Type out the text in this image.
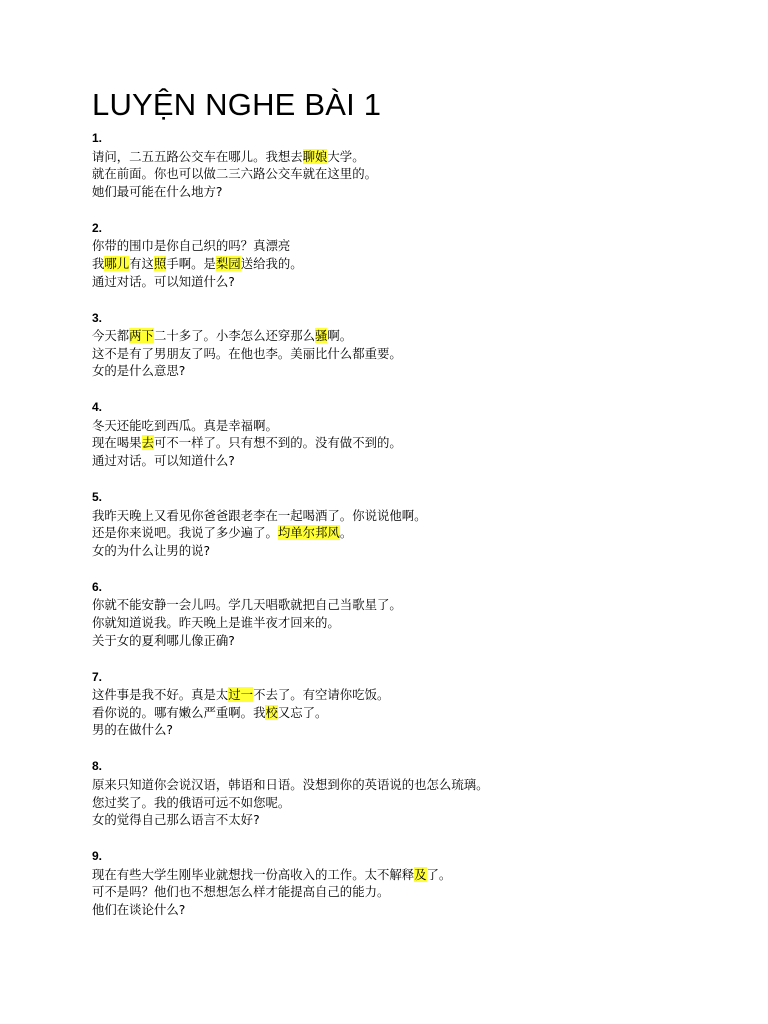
LUYỆN NGHE BÀI 1
1.
请问，二五五路公交车在哪儿。我想去聊娘大学。
就在前面。你也可以做二三六路公交车就在这里的。
她们最可能在什么地方?
2.
你带的围巾是你自己织的吗？真漂亮
我哪儿有这照手啊。是梨园送给我的。
通过对话。可以知道什么?
3.
今天都两下二十多了。小李怎么还穿那么骚啊。
这不是有了男朋友了吗。在他也李。美丽比什么都重要。
女的是什么意思?
4.
冬天还能吃到西瓜。真是幸福啊。
现在喝果去可不一样了。只有想不到的。没有做不到的。
通过对话。可以知道什么?
5.
我昨天晚上又看见你爸爸跟老李在一起喝酒了。你说说他啊。
还是你来说吧。我说了多少遍了。均单尔邦风。
女的为什么让男的说?
6.
你就不能安静一会儿吗。学几天唱歌就把自己当歌星了。
你就知道说我。昨天晚上是谁半夜才回来的。
关于女的夏利哪儿像正确?
7.
这件事是我不好。真是太过一不去了。有空请你吃饭。
看你说的。哪有嫩么严重啊。我校又忘了。
男的在做什么?
8.
原来只知道你会说汉语，韩语和日语。没想到你的英语说的也怎么琉璃。
您过奖了。我的俄语可远不如您呢。
女的觉得自己那么语言不太好?
9.
现在有些大学生刚毕业就想找一份高收入的工作。太不解释及了。
可不是吗？他们也不想想怎么样才能提高自己的能力。
他们在谈论什么?
